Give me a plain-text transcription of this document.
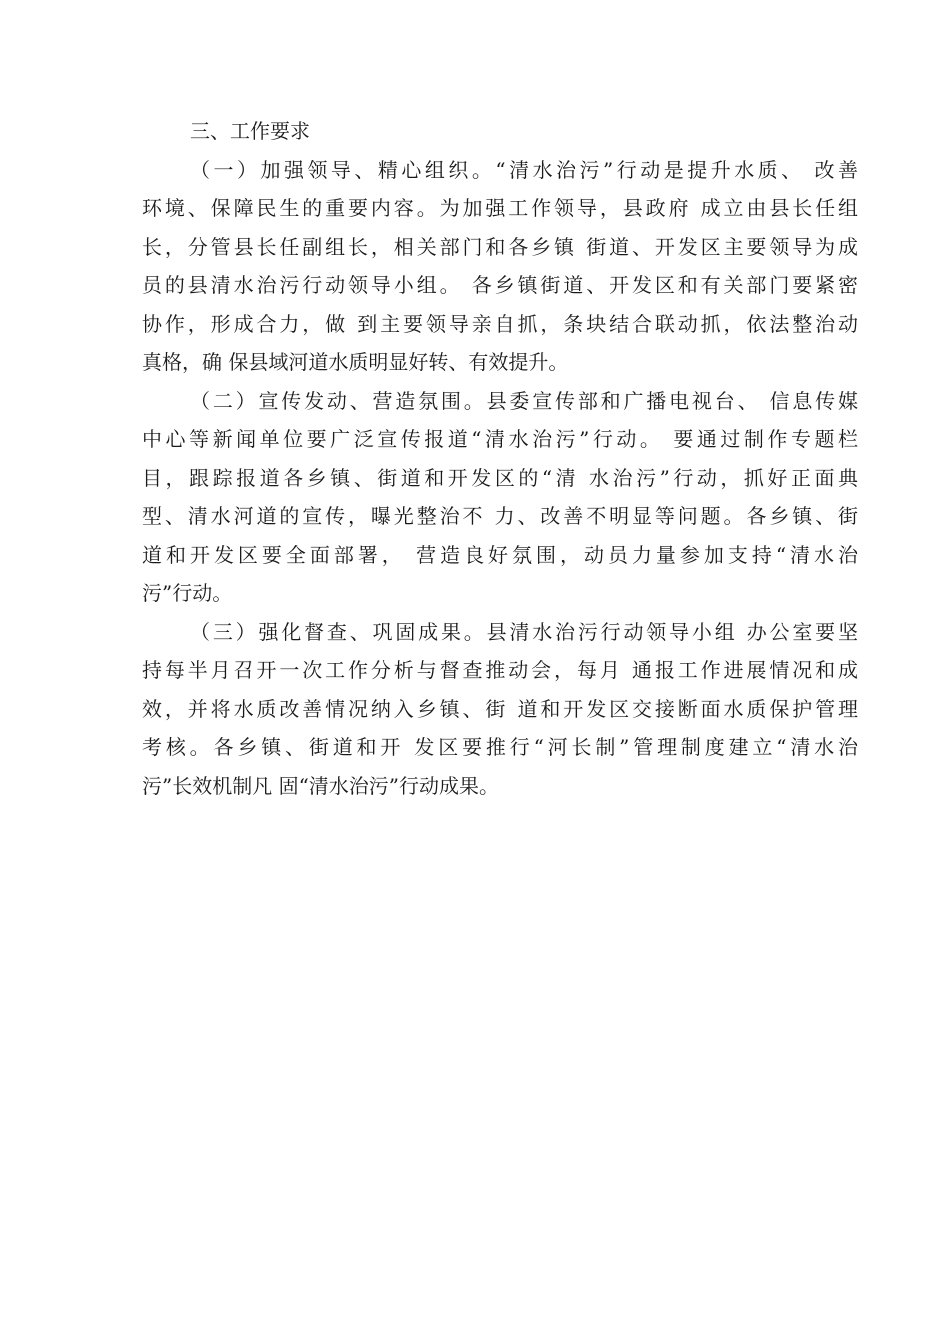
三、工作要求
（一）加强领导、精心组织。“清水治污”行动是提升水质、 改善
环境、保障民生的重要内容。为加强工作领导，县政府 成立由县长任组
长，分管县长任副组长，相关部门和各乡镇 街道、开发区主要领导为成
员的县清水治污行动领导小组。 各乡镇街道、开发区和有关部门要紧密
协作，形成合力，做 到主要领导亲自抓，条块结合联动抓，依法整治动
真格，确 保县域河道水质明显好转、有效提升。
（二）宣传发动、营造氛围。县委宣传部和广播电视台、 信息传媒
中心等新闻单位要广泛宣传报道“清水治污”行动。 要通过制作专题栏
目，跟踪报道各乡镇、街道和开发区的“清 水治污”行动，抓好正面典
型、清水河道的宣传，曝光整治不 力、改善不明显等问题。各乡镇、街
道和开发区要全面部署， 营造良好氛围，动员力量参加支持“清水治
污”行动。
（三）强化督查、巩固成果。县清水治污行动领导小组 办公室要坚
持每半月召开一次工作分析与督查推动会，每月 通报工作进展情况和成
效，并将水质改善情况纳入乡镇、街 道和开发区交接断面水质保护管理
考核。各乡镇、街道和开 发区要推行“河长制”管理制度建立“清水治
污”长效机制凡 固“清水治污”行动成果。
